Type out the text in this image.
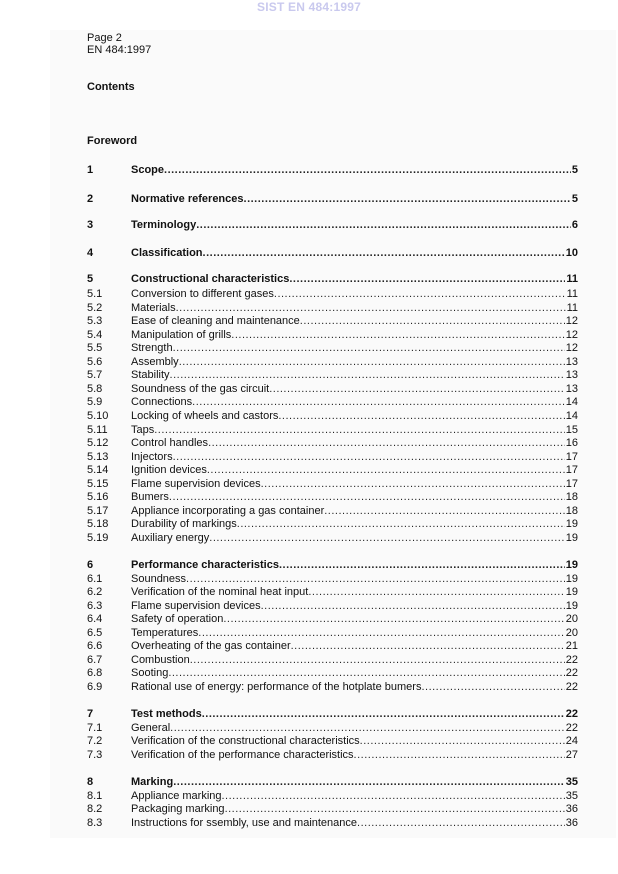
SIST EN 484:1997
Page 2
EN 484:1997
Contents
Foreword
1	Scope .....	5
2	Normative references .....	5
3	Terminology .....	6
4	Classification .....	10
5	Constructional characteristics .....	11
5.1	Conversion to different gases .....	11
5.2	Materials .....	11
5.3	Ease of cleaning and maintenance .....	12
5.4	Manipulation of grills .....	12
5.5	Strength .....	12
5.6	Assembly .....	13
5.7	Stability .....	13
5.8	Soundness of the gas circuit .....	13
5.9	Connections .....	14
5.10	Locking of wheels and castors .....	14
5.11	Taps .....	15
5.12	Control handles .....	16
5.13	Injectors .....	17
5.14	Ignition devices .....	17
5.15	Flame supervision devices .....	17
5.16	Bumers .....	18
5.17	Appliance incorporating a gas container .....	18
5.18	Durability of markings .....	19
5.19	Auxiliary energy .....	19
6	Performance characteristics .....	19
6.1	Soundness .....	19
6.2	Verification of the nominal heat input .....	19
6.3	Flame supervision devices .....	19
6.4	Safety of operation .....	20
6.5	Temperatures .....	20
6.6	Overheating of the gas container .....	21
6.7	Combustion .....	22
6.8	Sooting .....	22
6.9	Rational use of energy: performance of the hotplate bumers .....	22
7	Test methods .....	22
7.1	General .....	22
7.2	Verification of the constructional characteristics .....	24
7.3	Verification of the performance characteristics .....	27
8	Marking .....	35
8.1	Appliance marking .....	35
8.2	Packaging marking .....	36
8.3	Instructions for ssembly, use and maintenance .....	36
